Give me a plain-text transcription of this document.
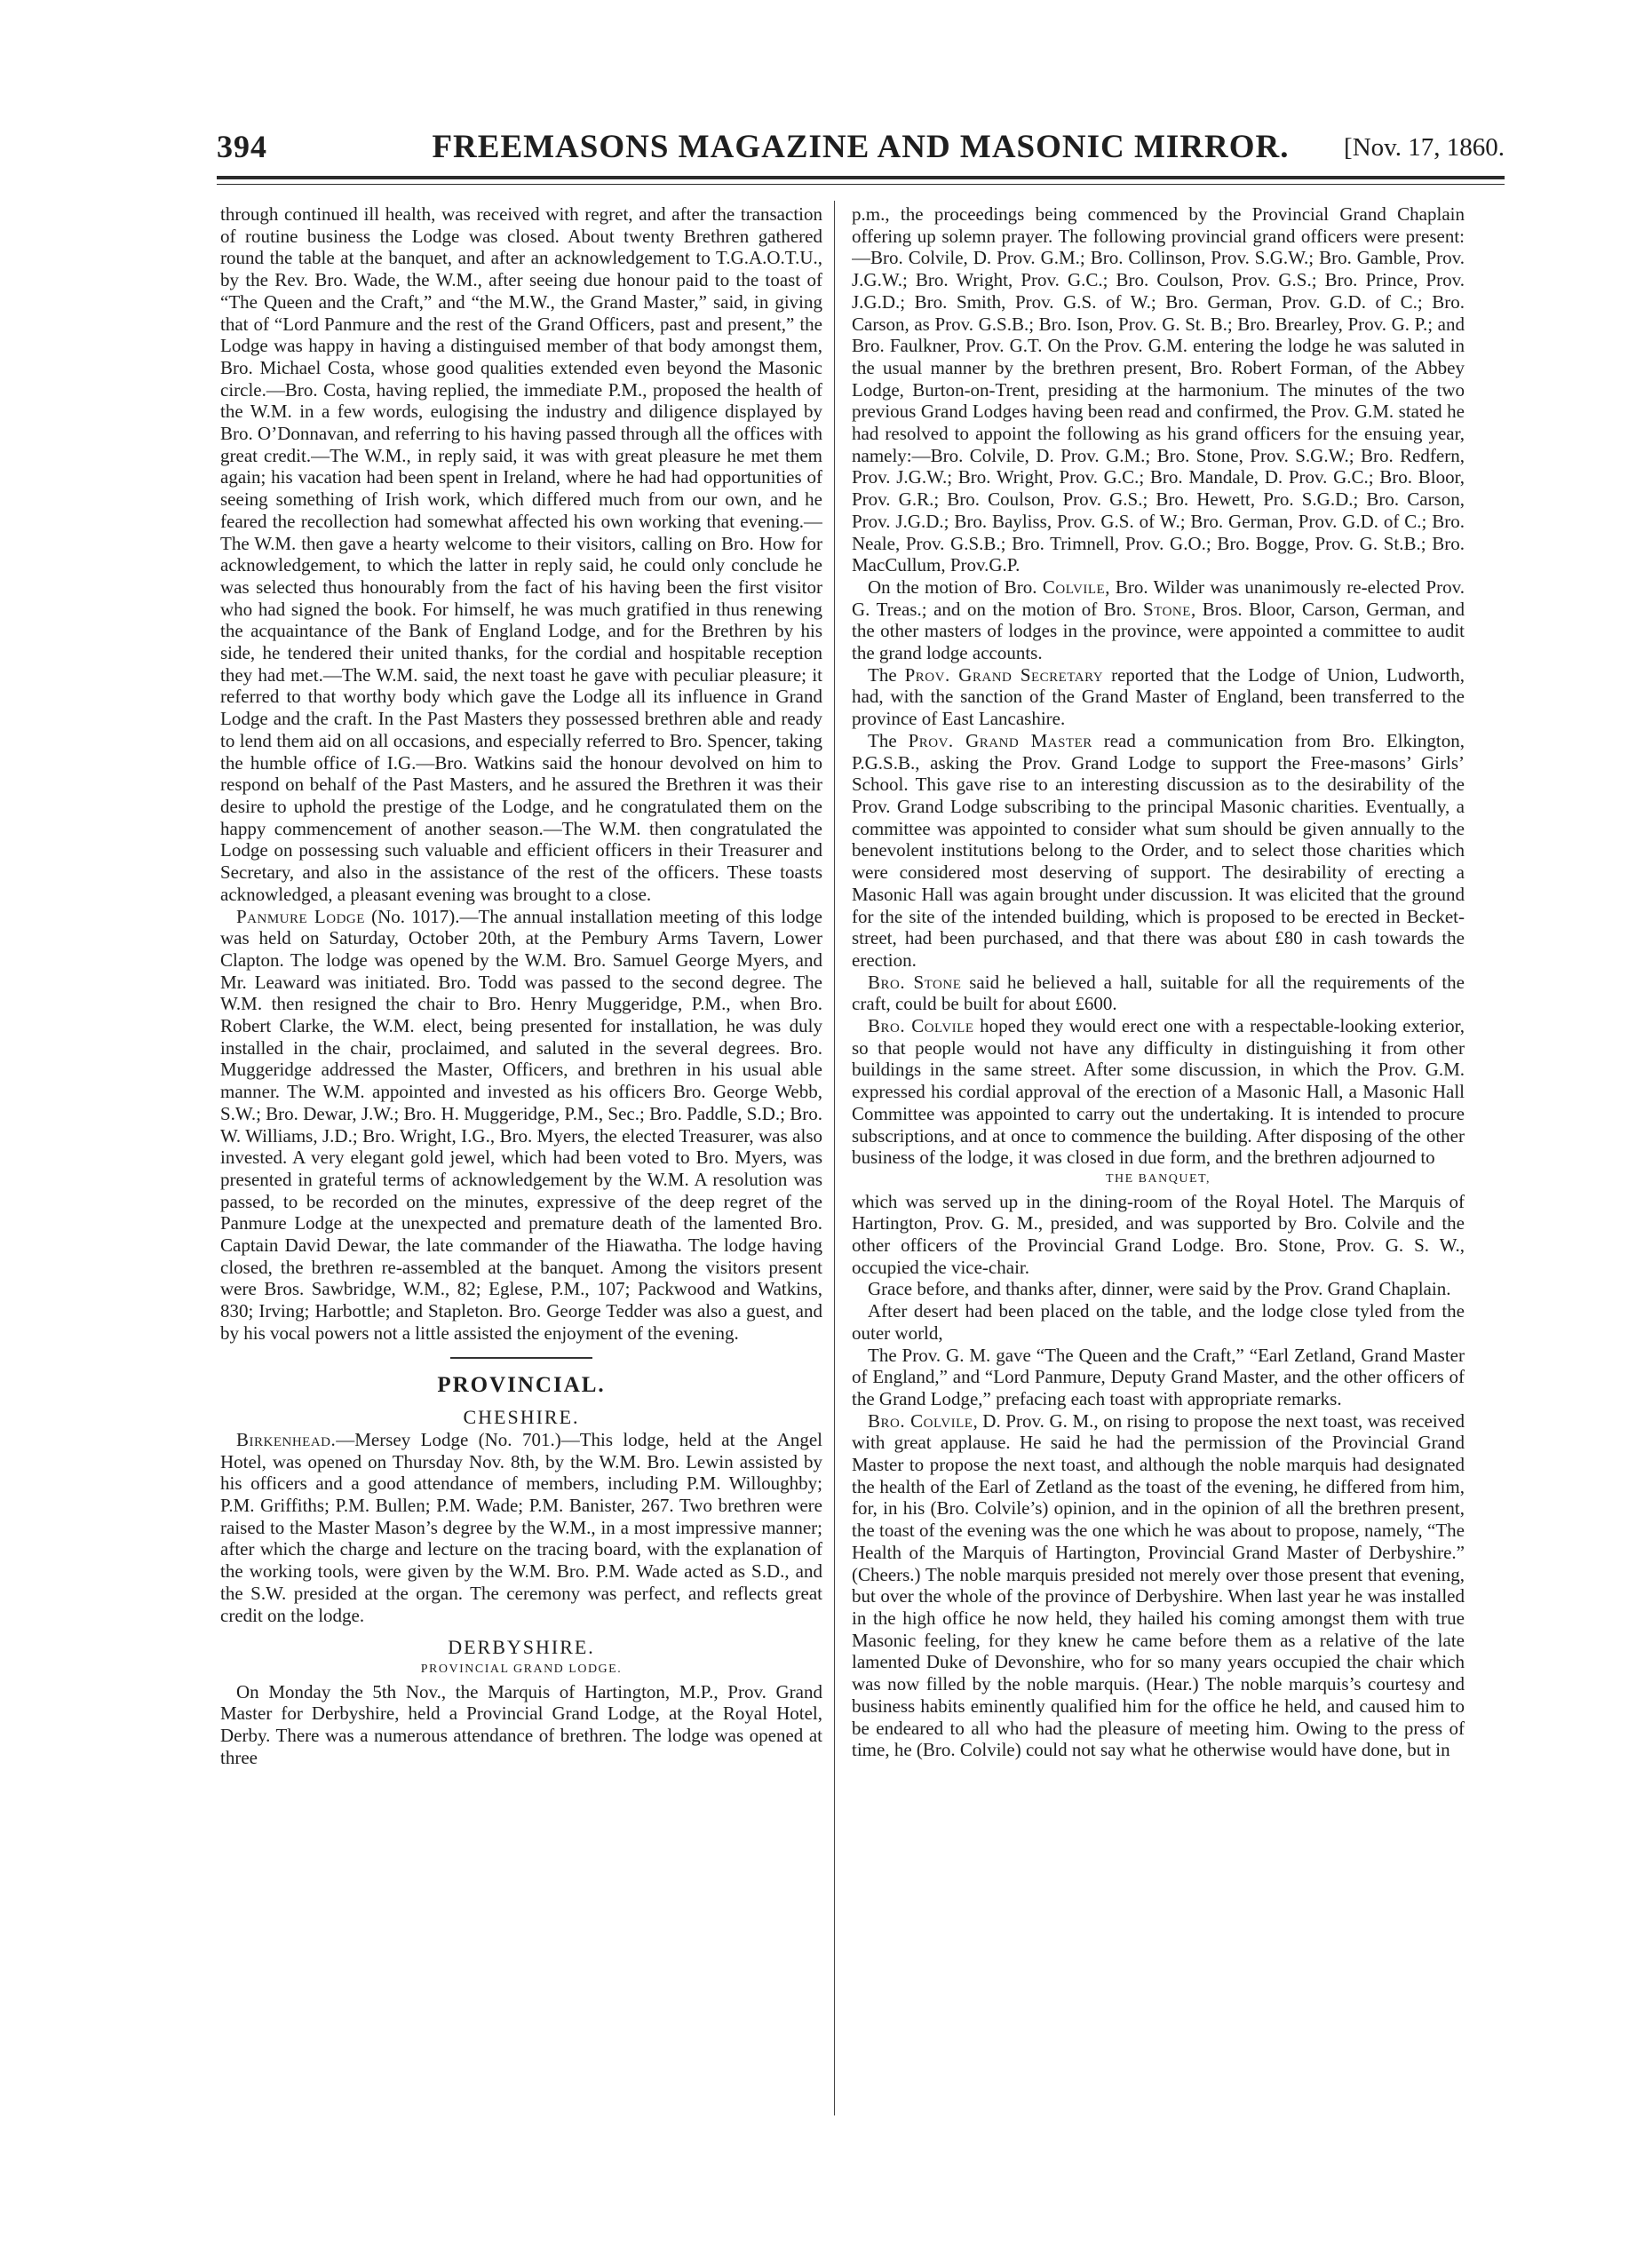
394	FREEMASONS MAGAZINE AND MASONIC MIRROR.	[Nov. 17, 1860.

through continued ill health, was received with regret, and after the transaction of routine business the Lodge was closed. About twenty Brethren gathered round the table at the banquet, and after an acknowledgement to T.G.A.O.T.U., by the Rev. Bro. Wade, the W.M., after seeing due honour paid to the toast of “The Queen and the Craft,” and “the M.W., the Grand Master,” said, in giving that of “Lord Panmure and the rest of the Grand Officers, past and present,” the Lodge was happy in having a distinguised member of that body amongst them, Bro. Michael Costa, whose good qualities extended even beyond the Masonic circle.—Bro. Costa, having replied, the immediate P.M., proposed the health of the W.M. in a few words, eulogising the industry and diligence displayed by Bro. O’Donnavan, and referring to his having passed through all the offices with great credit.—The W.M., in reply said, it was with great pleasure he met them again; his vacation had been spent in Ireland, where he had had opportunities of seeing something of Irish work, which differed much from our own, and he feared the recollection had somewhat affected his own working that evening.—The W.M. then gave a hearty welcome to their visitors, calling on Bro. How for acknowledgement, to which the latter in reply said, he could only conclude he was selected thus honourably from the fact of his having been the first visitor who had signed the book. For himself, he was much gratified in thus renewing the acquaintance of the Bank of England Lodge, and for the Brethren by his side, he tendered their united thanks, for the cordial and hospitable reception they had met.—The W.M. said, the next toast he gave with peculiar pleasure; it referred to that worthy body which gave the Lodge all its influence in Grand Lodge and the craft. In the Past Masters they possessed brethren able and ready to lend them aid on all occasions, and especially referred to Bro. Spencer, taking the humble office of I.G.—Bro. Watkins said the honour devolved on him to respond on behalf of the Past Masters, and he assured the Brethren it was their desire to uphold the prestige of the Lodge, and he congratulated them on the happy commencement of another season.—The W.M. then congratulated the Lodge on possessing such valuable and efficient officers in their Treasurer and Secretary, and also in the assistance of the rest of the officers. These toasts acknowledged, a pleasant evening was brought to a close.

Panmure Lodge (No. 1017).—The annual installation meeting of this lodge was held on Saturday, October 20th, at the Pembury Arms Tavern, Lower Clapton. The lodge was opened by the W.M. Bro. Samuel George Myers, and Mr. Leaward was initiated. Bro. Todd was passed to the second degree. The W.M. then resigned the chair to Bro. Henry Muggeridge, P.M., when Bro. Robert Clarke, the W.M. elect, being presented for installation, he was duly installed in the chair, proclaimed, and saluted in the several degrees. Bro. Muggeridge addressed the Master, Officers, and brethren in his usual able manner. The W.M. appointed and invested as his officers Bro. George Webb, S.W.; Bro. Dewar, J.W.; Bro. H. Muggeridge, P.M., Sec.; Bro. Paddle, S.D.; Bro. W. Williams, J.D.; Bro. Wright, I.G., Bro. Myers, the elected Treasurer, was also invested. A very elegant gold jewel, which had been voted to Bro. Myers, was presented in grateful terms of acknowledgement by the W.M. A resolution was passed, to be recorded on the minutes, expressive of the deep regret of the Panmure Lodge at the unexpected and premature death of the lamented Bro. Captain David Dewar, the late commander of the Hiawatha. The lodge having closed, the brethren re-assembled at the banquet. Among the visitors present were Bros. Sawbridge, W.M., 82; Eglese, P.M., 107; Packwood and Watkins, 830; Irving; Harbottle; and Stapleton. Bro. George Tedder was also a guest, and by his vocal powers not a little assisted the enjoyment of the evening.

PROVINCIAL.
CHESHIRE.

Birkenhead.—Mersey Lodge (No. 701.)—This lodge, held at the Angel Hotel, was opened on Thursday Nov. 8th, by the W.M. Bro. Lewin assisted by his officers and a good attendance of members, including P.M. Willoughby; P.M. Griffiths; P.M. Bullen; P.M. Wade; P.M. Banister, 267. Two brethren were raised to the Master Mason’s degree by the W.M., in a most impressive manner; after which the charge and lecture on the tracing board, with the explanation of the working tools, were given by the W.M. Bro. P.M. Wade acted as S.D., and the S.W. presided at the organ. The ceremony was perfect, and reflects great credit on the lodge.

DERBYSHIRE.
PROVINCIAL GRAND LODGE.

On Monday the 5th Nov., the Marquis of Hartington, M.P., Prov. Grand Master for Derbyshire, held a Provincial Grand Lodge, at the Royal Hotel, Derby. There was a numerous attendance of brethren. The lodge was opened at three

p.m., the proceedings being commenced by the Provincial Grand Chaplain offering up solemn prayer. The following provincial grand officers were present:—Bro. Colvile, D. Prov. G.M.; Bro. Collinson, Prov. S.G.W.; Bro. Gamble, Prov. J.G.W.; Bro. Wright, Prov. G.C.; Bro. Coulson, Prov. G.S.; Bro. Prince, Prov. J.G.D.; Bro. Smith, Prov. G.S. of W.; Bro. German, Prov. G.D. of C.; Bro. Carson, as Prov. G.S.B.; Bro. Ison, Prov. G. St. B.; Bro. Brearley, Prov. G. P.; and Bro. Faulkner, Prov. G.T. On the Prov. G.M. entering the lodge he was saluted in the usual manner by the brethren present, Bro. Robert Forman, of the Abbey Lodge, Burton-on-Trent, presiding at the harmonium. The minutes of the two previous Grand Lodges having been read and confirmed, the Prov. G.M. stated he had resolved to appoint the following as his grand officers for the ensuing year, namely:—Bro. Colvile, D. Prov. G.M.; Bro. Stone, Prov. S.G.W.; Bro. Redfern, Prov. J.G.W.; Bro. Wright, Prov. G.C.; Bro. Mandale, D. Prov. G.C.; Bro. Bloor, Prov. G.R.; Bro. Coulson, Prov. G.S.; Bro. Hewett, Pro. S.G.D.; Bro. Carson, Prov. J.G.D.; Bro. Bayliss, Prov. G.S. of W.; Bro. German, Prov. G.D. of C.; Bro. Neale, Prov. G.S.B.; Bro. Trimnell, Prov. G.O.; Bro. Bogge, Prov. G. St.B.; Bro. MacCullum, Prov.G.P.

On the motion of Bro. Colvile, Bro. Wilder was unanimously re-elected Prov. G. Treas.; and on the motion of Bro. Stone, Bros. Bloor, Carson, German, and the other masters of lodges in the province, were appointed a committee to audit the grand lodge accounts.

The Prov. Grand Secretary reported that the Lodge of Union, Ludworth, had, with the sanction of the Grand Master of England, been transferred to the province of East Lancashire.

The Prov. Grand Master read a communication from Bro. Elkington, P.G.S.B., asking the Prov. Grand Lodge to support the Free-masons’ Girls’ School. This gave rise to an interesting discussion as to the desirability of the Prov. Grand Lodge subscribing to the principal Masonic charities. Eventually, a committee was appointed to consider what sum should be given annually to the benevolent institutions belong to the Order, and to select those charities which were considered most deserving of support. The desirability of erecting a Masonic Hall was again brought under discussion. It was elicited that the ground for the site of the intended building, which is proposed to be erected in Becket-street, had been purchased, and that there was about £80 in cash towards the erection.

Bro. Stone said he believed a hall, suitable for all the requirements of the craft, could be built for about £600.

Bro. Colvile hoped they would erect one with a respectable-looking exterior, so that people would not have any difficulty in distinguishing it from other buildings in the same street. After some discussion, in which the Prov. G.M. expressed his cordial approval of the erection of a Masonic Hall, a Masonic Hall Committee was appointed to carry out the undertaking. It is intended to procure subscriptions, and at once to commence the building. After disposing of the other business of the lodge, it was closed in due form, and the brethren adjourned to

THE BANQUET,

which was served up in the dining-room of the Royal Hotel. The Marquis of Hartington, Prov. G. M., presided, and was supported by Bro. Colvile and the other officers of the Provincial Grand Lodge. Bro. Stone, Prov. G. S. W., occupied the vice-chair.

Grace before, and thanks after, dinner, were said by the Prov. Grand Chaplain.

After desert had been placed on the table, and the lodge close tyled from the outer world,

The Prov. G. M. gave “The Queen and the Craft,” “Earl Zetland, Grand Master of England,” and “Lord Panmure, Deputy Grand Master, and the other officers of the Grand Lodge,” prefacing each toast with appropriate remarks.

Bro. Colvile, D. Prov. G. M., on rising to propose the next toast, was received with great applause. He said he had the permission of the Provincial Grand Master to propose the next toast, and although the noble marquis had designated the health of the Earl of Zetland as the toast of the evening, he differed from him, for, in his (Bro. Colvile’s) opinion, and in the opinion of all the brethren present, the toast of the evening was the one which he was about to propose, namely, “The Health of the Marquis of Hartington, Provincial Grand Master of Derbyshire.” (Cheers.) The noble marquis presided not merely over those present that evening, but over the whole of the province of Derbyshire. When last year he was installed in the high office he now held, they hailed his coming amongst them with true Masonic feeling, for they knew he came before them as a relative of the late lamented Duke of Devonshire, who for so many years occupied the chair which was now filled by the noble marquis. (Hear.) The noble marquis’s courtesy and business habits eminently qualified him for the office he held, and caused him to be endeared to all who had the pleasure of meeting him. Owing to the press of time, he (Bro. Colvile) could not say what he otherwise would have done, but in
